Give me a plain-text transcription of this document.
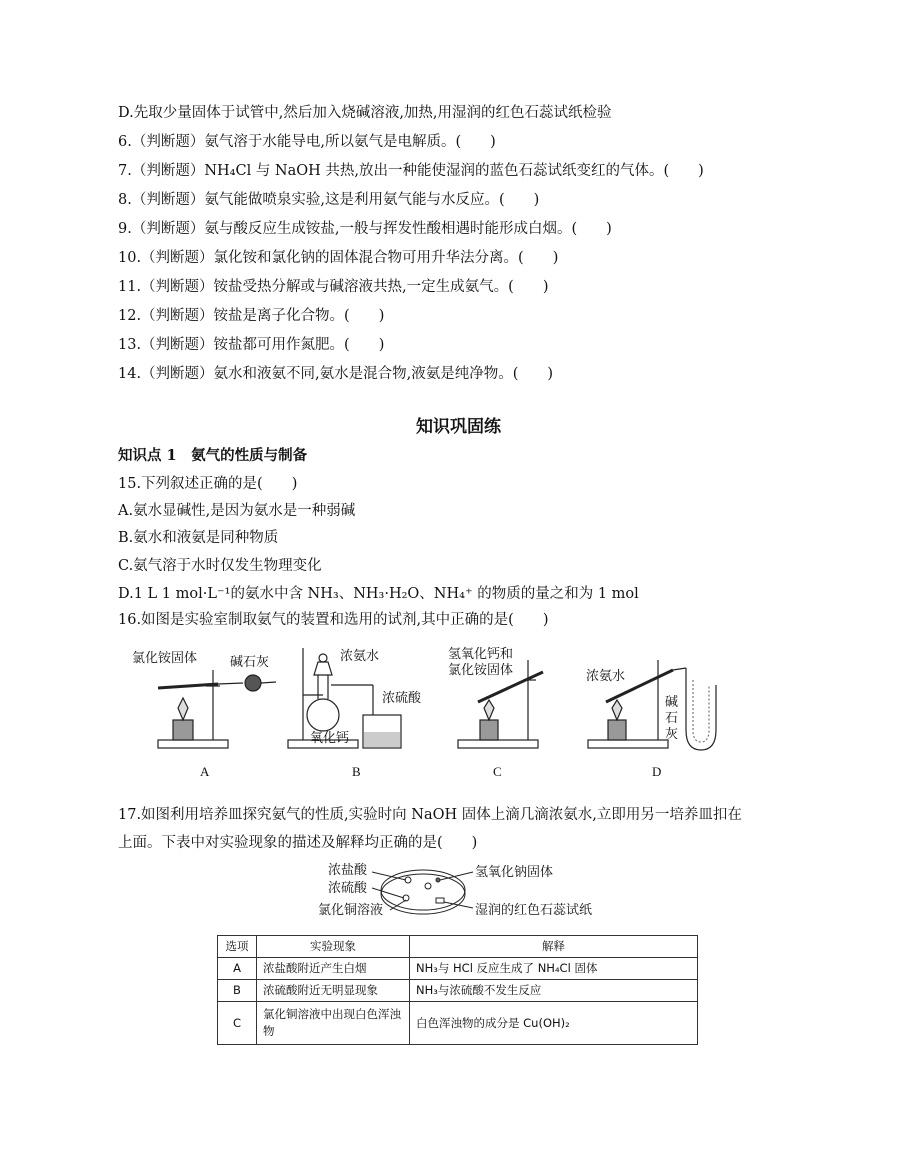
D.先取少量固体于试管中,然后加入烧碱溶液,加热,用湿润的红色石蕊试纸检验
6.（判断题）氨气溶于水能导电,所以氨气是电解质。(　　)
7.（判断题）NH₄Cl 与 NaOH 共热,放出一种能使湿润的蓝色石蕊试纸变红的气体。(　　)
8.（判断题）氨气能做喷泉实验,这是利用氨气能与水反应。(　　)
9.（判断题）氨与酸反应生成铵盐,一般与挥发性酸相遇时能形成白烟。(　　)
10.（判断题）氯化铵和氯化钠的固体混合物可用升华法分离。(　　)
11.（判断题）铵盐受热分解或与碱溶液共热,一定生成氨气。(　　)
12.（判断题）铵盐是离子化合物。(　　)
13.（判断题）铵盐都可用作氮肥。(　　)
14.（判断题）氨水和液氨不同,氨水是混合物,液氨是纯净物。(　　)
知识巩固练
知识点 1　氨气的性质与制备
15.下列叙述正确的是(　　)
A.氨水显碱性,是因为氨水是一种弱碱
B.氨水和液氨是同种物质
C.氨气溶于水时仅发生物理变化
D.1 L 1 mol·L⁻¹的氨水中含 NH₃、NH₃·H₂O、NH₄⁺ 的物质的量之和为 1 mol
16.如图是实验室制取氨气的装置和选用的试剂,其中正确的是(　　)
氯化铵固体	碱石灰
A
浓氨水
浓硫酸
氧化钙
B
氢氧化钙和
氯化铵固体
C
浓氨水
碱
石
灰
D
17.如图利用培养皿探究氨气的性质,实验时向 NaOH 固体上滴几滴浓氨水,立即用另一培养皿扣在
上面。下表中对实验现象的描述及解释均正确的是(　　)
浓盐酸
浓硫酸
氯化铜溶液
氢氧化钠固体
湿润的红色石蕊试纸
选项	实验现象	解释
A	浓盐酸附近产生白烟	NH₃与 HCl 反应生成了 NH₄Cl 固体
B	浓硫酸附近无明显现象	NH₃与浓硫酸不发生反应
C	氯化铜溶液中出现白色浑浊物	白色浑浊物的成分是 Cu(OH)₂
